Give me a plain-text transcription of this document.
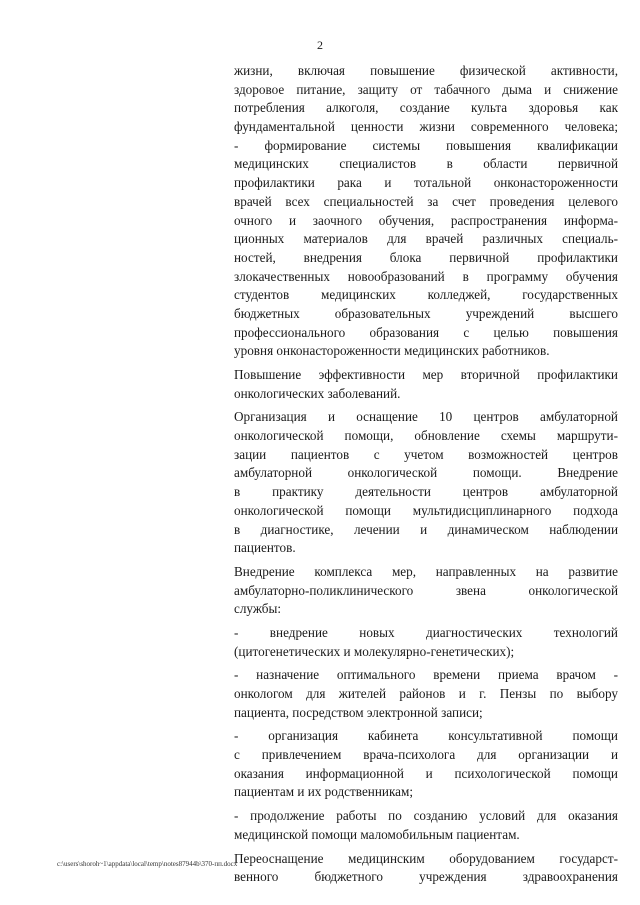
2
жизни, включая повышение физической активности,
здоровое питание, защиту от табачного дыма и снижение
потребления алкоголя, создание культа здоровья как
фундаментальной ценности жизни современного человека;
- формирование системы повышения квалификации
медицинских специалистов в области первичной
профилактики рака и тотальной онконастороженности
врачей всех специальностей за счет проведения целевого
очного и заочного обучения, распространения информа-
ционных материалов для врачей различных специаль-
ностей, внедрения блока первичной профилактики
злокачественных новообразований в программу обучения
студентов медицинских колледжей, государственных
бюджетных образовательных учреждений высшего
профессионального образования с целью повышения
уровня онконастороженности медицинских работников.
Повышение эффективности мер вторичной профилактики
онкологических заболеваний.
Организация и оснащение 10 центров амбулаторной
онкологической помощи, обновление схемы маршрути-
зации пациентов с учетом возможностей центров
амбулаторной онкологической помощи. Внедрение
в практику деятельности центров амбулаторной
онкологической помощи мультидисциплинарного подхода
в диагностике, лечении и динамическом наблюдении
пациентов.
Внедрение комплекса мер, направленных на развитие
амбулаторно-поликлинического звена онкологической
службы:
- внедрение новых диагностических технологий
(цитогенетических и молекулярно-генетических);
- назначение оптимального времени приема врачом -
онкологом для жителей районов и г. Пензы по выбору
пациента, посредством электронной записи;
- организация кабинета консультативной помощи
с привлечением врача-психолога для организации и
оказания информационной и психологической помощи
пациентам и их родственникам;
- продолжение работы по созданию условий для оказания
медицинской помощи маломобильным пациентам.
Переоснащение медицинским оборудованием государст-
венного бюджетного учреждения здравоохранения
c:\users\shoroh~1\appdata\local\temp\notes87944b\370-пп.docx
